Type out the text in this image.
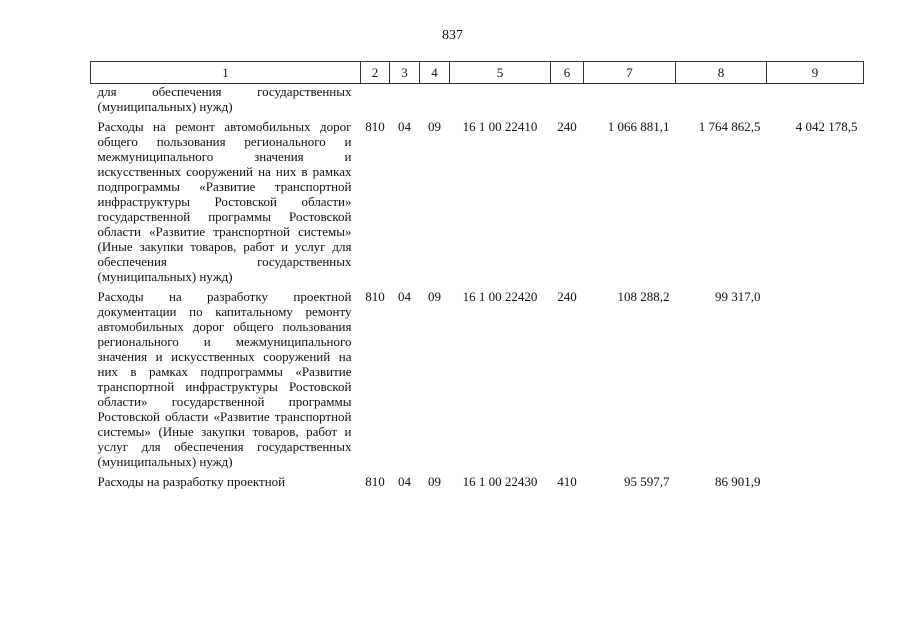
837
1	2	3	4	5	6	7	8	9
для обеспечения государственных (муниципальных) нужд)								
Расходы на ремонт автомобильных дорог общего пользования регионального и межмуниципального значения и искусственных сооружений на них в рамках подпрограммы «Развитие транспортной инфраструктуры Ростовской области» государственной программы Ростовской области «Развитие транспортной системы» (Иные закупки товаров, работ и услуг для обеспечения государственных (муниципальных) нужд)	810	04	09	16 1 00 22410	240	1 066 881,1	1 764 862,5	4 042 178,5
Расходы на разработку проектной документации по капитальному ремонту автомобильных дорог общего пользования регионального и межмуниципального значения и искусственных сооружений на них в рамках подпрограммы «Развитие транспортной инфраструктуры Ростовской области» государственной программы Ростовской области «Развитие транспортной системы» (Иные закупки товаров, работ и услуг для обеспечения государственных (муниципальных) нужд)	810	04	09	16 1 00 22420	240	108 288,2	99 317,0	
Расходы на разработку проектной	810	04	09	16 1 00 22430	410	95 597,7	86 901,9	
